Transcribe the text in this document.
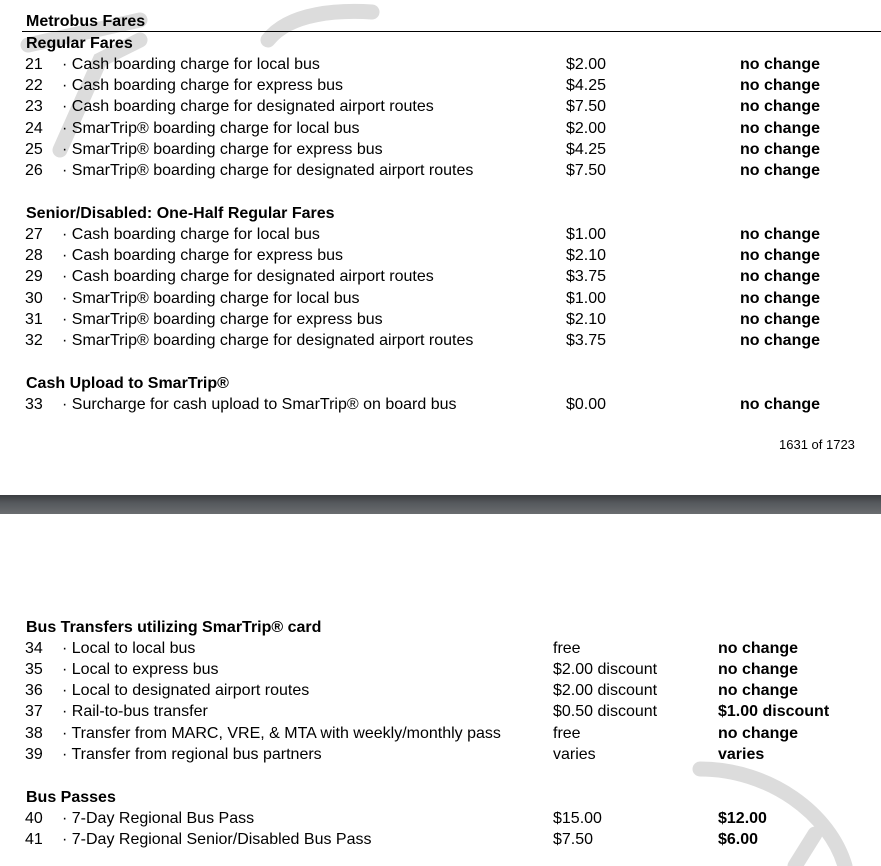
Metrobus Fares
1631 of 1723
Regular Fares
21 · Cash boarding charge for local bus	$2.00	no change
22 · Cash boarding charge for express bus	$4.25	no change
23 · Cash boarding charge for designated airport routes	$7.50	no change
24 · SmarTrip® boarding charge for local bus	$2.00	no change
25 · SmarTrip® boarding charge for express bus	$4.25	no change
26 · SmarTrip® boarding charge for designated airport routes	$7.50	no change
Senior/Disabled: One-Half Regular Fares
27 · Cash boarding charge for local bus	$1.00	no change
28 · Cash boarding charge for express bus	$2.10	no change
29 · Cash boarding charge for designated airport routes	$3.75	no change
30 · SmarTrip® boarding charge for local bus	$1.00	no change
31 · SmarTrip® boarding charge for express bus	$2.10	no change
32 · SmarTrip® boarding charge for designated airport routes	$3.75	no change
Cash Upload to SmarTrip®
33 · Surcharge for cash upload to SmarTrip® on board bus	$0.00	no change
Bus Transfers utilizing SmarTrip® card
34 · Local to local bus	free	no change
35 · Local to express bus	$2.00 discount	no change
36 · Local to designated airport routes	$2.00 discount	no change
37 · Rail-to-bus transfer	$0.50 discount	$1.00 discount
38 · Transfer from MARC, VRE, & MTA with weekly/monthly pass	free	no change
39 · Transfer from regional bus partners	varies	varies
Bus Passes
40 · 7-Day Regional Bus Pass	$15.00	$12.00
41 · 7-Day Regional Senior/Disabled Bus Pass	$7.50	$6.00
